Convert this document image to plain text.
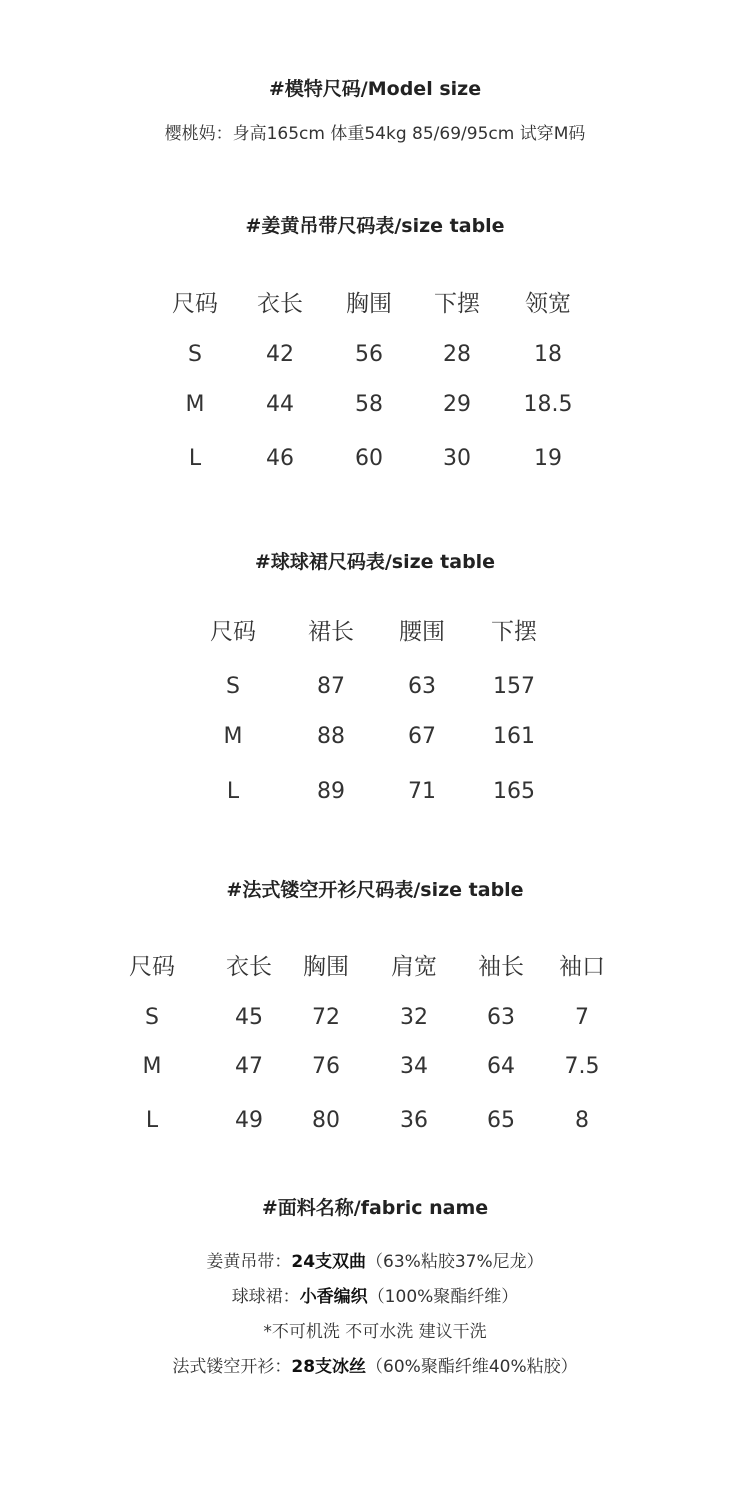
#模特尺码/Model size
樱桃妈：身高165cm 体重54kg 85/69/95cm 试穿M码
#姜黄吊带尺码表/size table
尺码	衣长	胸围	下摆	领宽
S	42	56	28	18
M	44	58	29	18.5
L	46	60	30	19
#球球裙尺码表/size table
尺码	裙长	腰围	下摆
S	87	63	157
M	88	67	161
L	89	71	165
#法式镂空开衫尺码表/size table
尺码	衣长	胸围	肩宽	袖长	袖口
S	45	72	32	63	7
M	47	76	34	64	7.5
L	49	80	36	65	8
#面料名称/fabric name
姜黄吊带：24支双曲（63%粘胶37%尼龙）
球球裙：小香编织（100%聚酯纤维）
*不可机洗 不可水洗 建议干洗
法式镂空开衫：28支冰丝（60%聚酯纤维40%粘胶）
